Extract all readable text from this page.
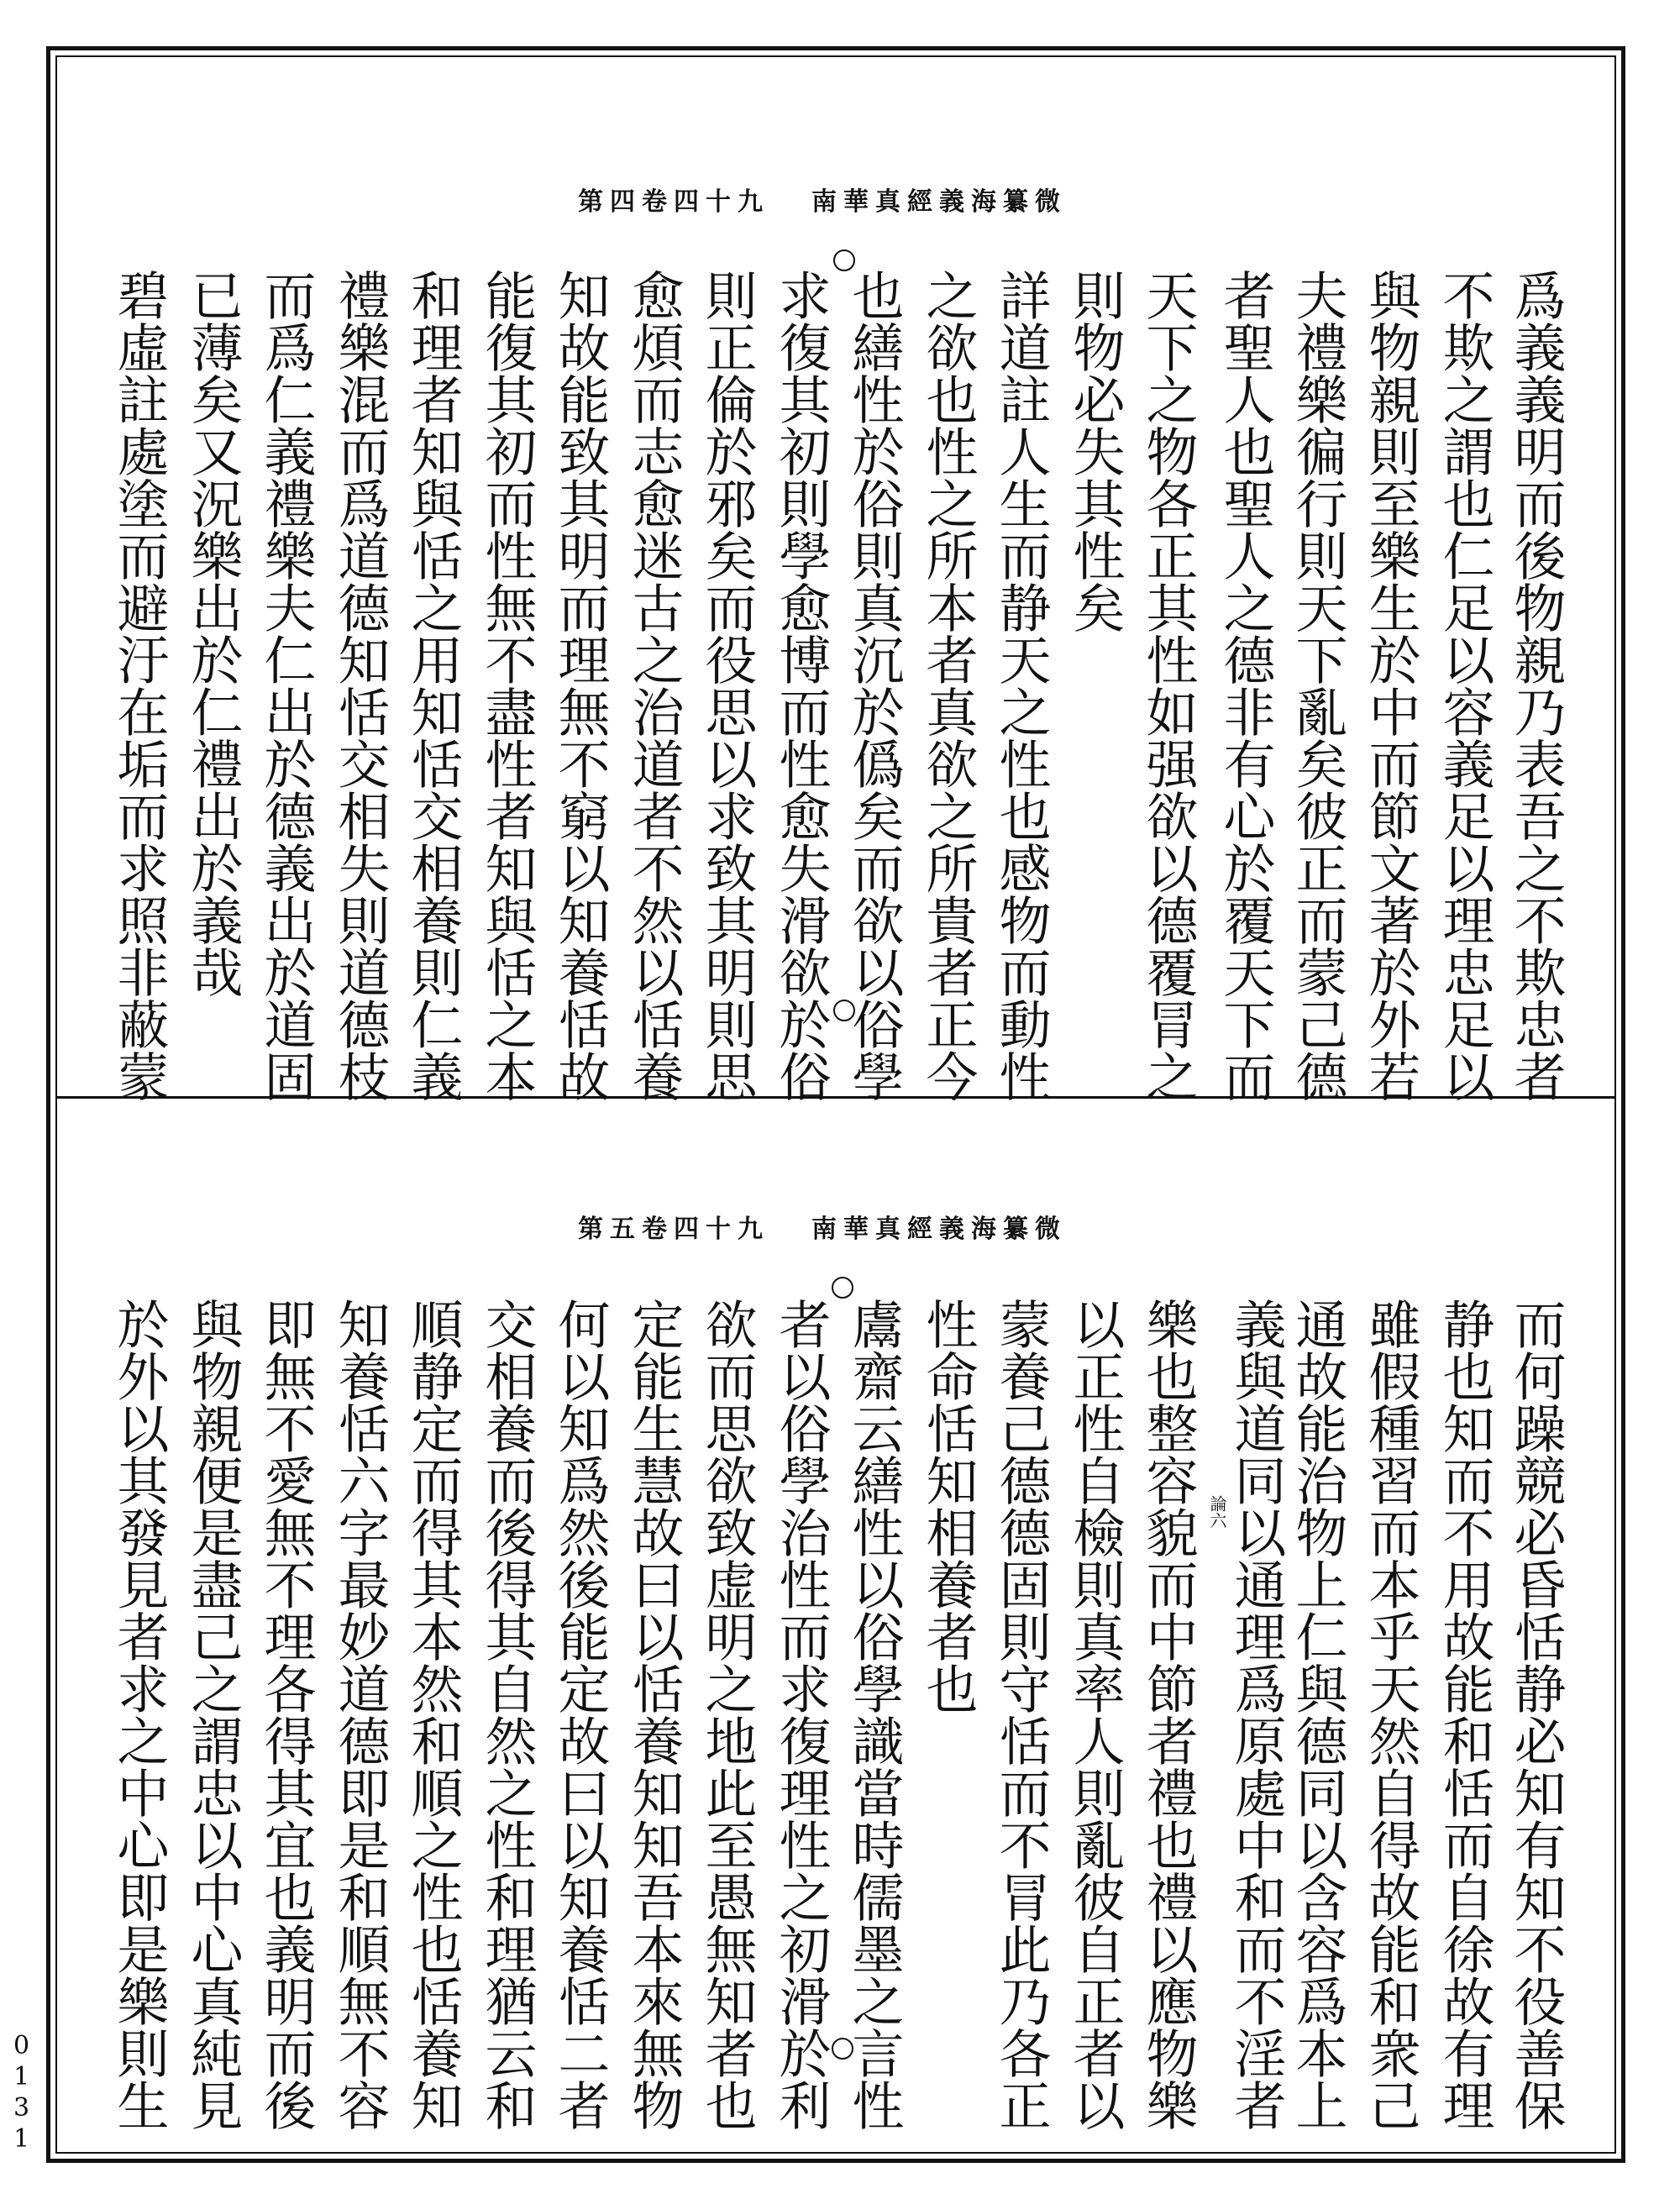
第四卷四十九 南華真經義海纂微
爲義義明而後物親乃表吾之不欺忠者
不欺之謂也仁足以容義足以理忠足以
與物親則至樂生於中而節文著於外若
夫禮樂徧行則天下亂矣彼正而蒙己德
者聖人也聖人之德非有心於覆天下而
天下之物各正其性如强欲以德覆冐之
則物必失其性矣
詳道註人生而静天之性也感物而動性
之欲也性之所本者真欲之所貴者正今
也繕性於俗則真沉於僞矣而欲以俗學
求復其初則學愈博而性愈失滑欲於俗
則正倫於邪矣而役思以求致其明則思
愈煩而志愈迷古之治道者不然以恬養
知故能致其明而理無不窮以知養恬故
能復其初而性無不盡性者知與恬之本
和理者知與恬之用知恬交相養則仁義
禮樂混而爲道德知恬交相失則道德枝
而爲仁義禮樂夫仁出於德義出於道固
已薄矣又況樂出於仁禮出於義哉
碧虛註處塗而避汙在垢而求照非蔽蒙
第五卷四十九 南華真經義海纂微
論六	而何躁競必昏恬静必知有知不役善保
静也知而不用故能和恬而自徐故有理
雖假種習而本乎天然自得故能和衆己
通故能治物上仁與德同以含容爲本上
義與道同以通理爲原處中和而不淫者
樂也整容貌而中節者禮也禮以應物樂
以正性自檢則真率人則亂彼自正者以
蒙養己德德固則守恬而不冐此乃各正
性命恬知相養者也
鬳齋云繕性以俗學識當時儒墨之言性
者以俗學治性而求復理性之初滑於利
欲而思欲致虚明之地此至愚無知者也
定能生慧故曰以恬養知知吾本來無物
何以知爲然後能定故曰以知養恬二者
交相養而後得其自然之性和理猶云和
順静定而得其本然和順之性也恬養知
知養恬六字最妙道德即是和順無不容
即無不愛無不理各得其宜也義明而後
與物親便是盡己之謂忠以中心真純見
於外以其發見者求之中心即是樂則生
0131
